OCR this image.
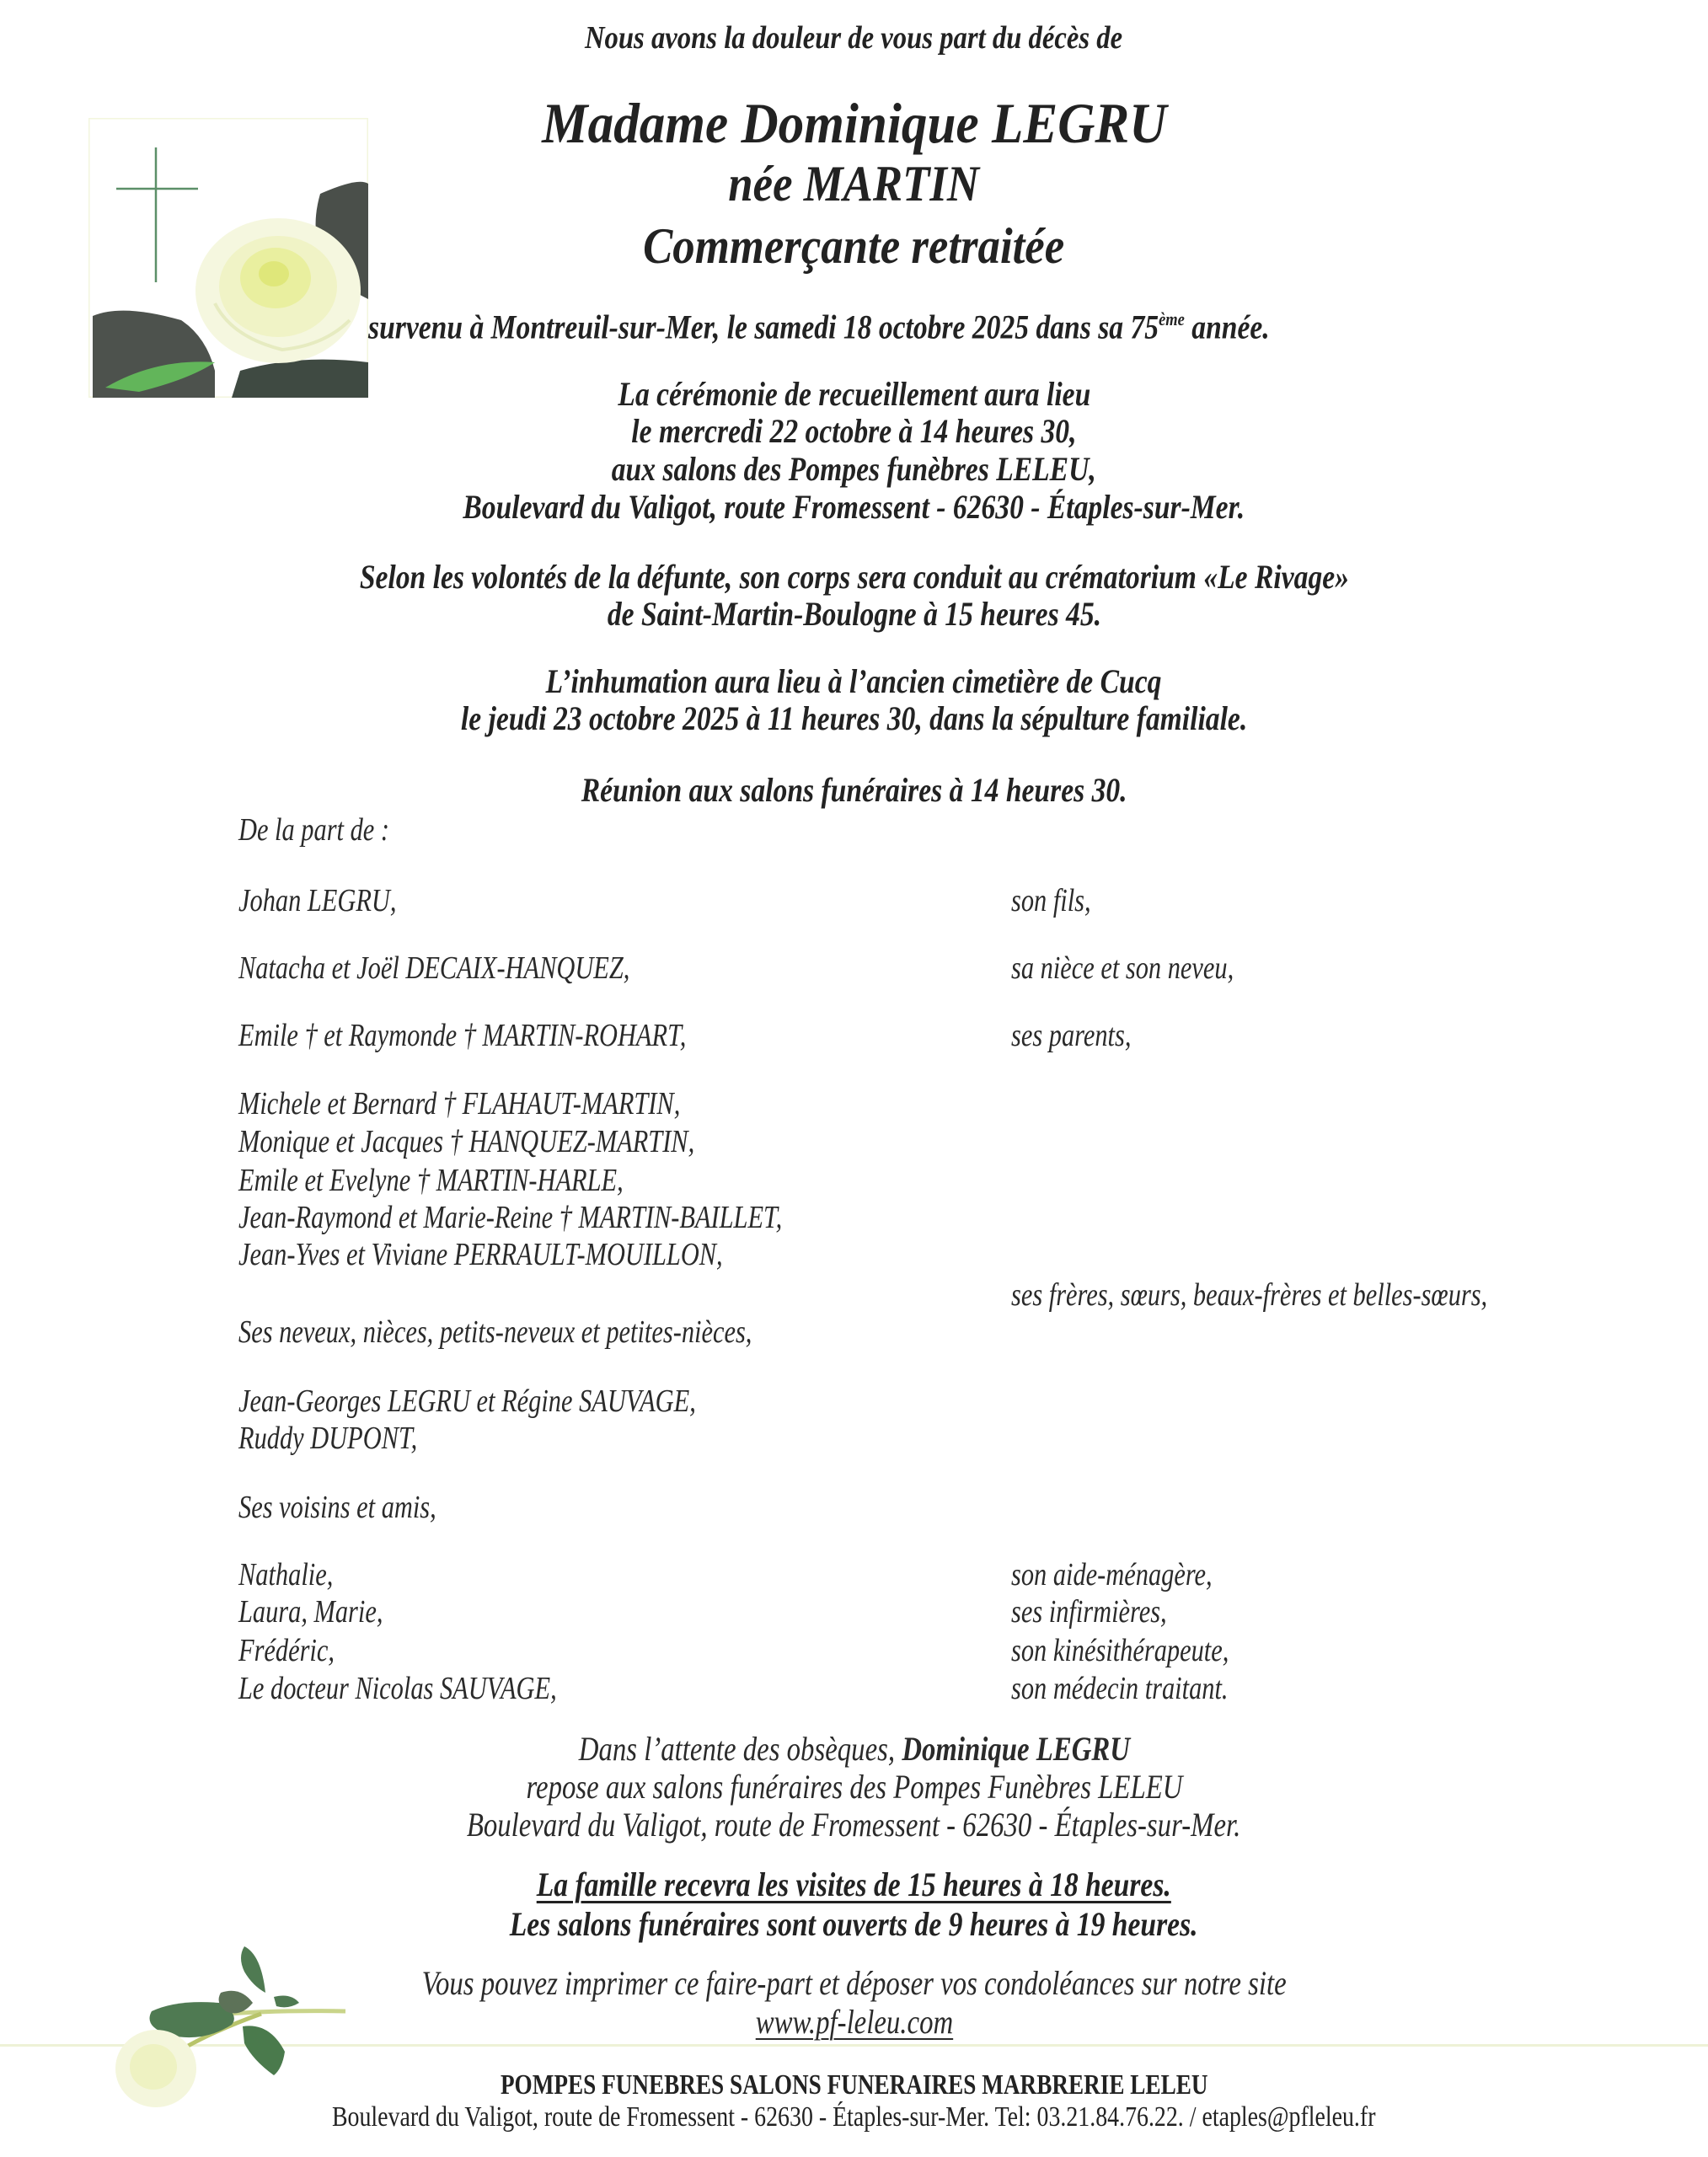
Nous avons la douleur de vous part du décès de
Madame Dominique LEGRU
née MARTIN
Commerçante retraitée
survenu à Montreuil-sur-Mer, le samedi 18 octobre 2025 dans sa 75ème année.
La cérémonie de recueillement aura lieu
le mercredi 22 octobre à 14 heures 30,
aux salons des Pompes funèbres LELEU,
Boulevard du Valigot, route Fromessent - 62630 - Étaples-sur-Mer.
Selon les volontés de la défunte, son corps sera conduit au crématorium «Le Rivage»
de Saint-Martin-Boulogne à 15 heures 45.
L’inhumation aura lieu à l’ancien cimetière de Cucq
le jeudi 23 octobre 2025 à 11 heures 30, dans la sépulture familiale.
Réunion aux salons funéraires à 14 heures 30.
De la part de :
Johan LEGRU,	son fils,
Natacha et Joël DECAIX-HANQUEZ,	sa nièce et son neveu,
Emile † et Raymonde † MARTIN-ROHART,	ses parents,
Michele et Bernard † FLAHAUT-MARTIN,
Monique et Jacques † HANQUEZ-MARTIN,
Emile et Evelyne † MARTIN-HARLE,
Jean-Raymond et Marie-Reine † MARTIN-BAILLET,
Jean-Yves et Viviane PERRAULT-MOUILLON,
ses frères, sœurs, beaux-frères et belles-sœurs,
Ses neveux, nièces, petits-neveux et petites-nièces,
Jean-Georges LEGRU et Régine SAUVAGE,
Ruddy DUPONT,
Ses voisins et amis,
Nathalie,	son aide-ménagère,
Laura, Marie,	ses infirmières,
Frédéric,	son kinésithérapeute,
Le docteur Nicolas SAUVAGE,	son médecin traitant.
Dans l’attente des obsèques, Dominique LEGRU
repose aux salons funéraires des Pompes Funèbres LELEU
Boulevard du Valigot, route de Fromessent - 62630 - Étaples-sur-Mer.
La famille recevra les visites de 15 heures à 18 heures.
Les salons funéraires sont ouverts de 9 heures à 19 heures.
Vous pouvez imprimer ce faire-part et déposer vos condoléances sur notre site
www.pf-leleu.com
POMPES FUNEBRES SALONS FUNERAIRES MARBRERIE LELEU
Boulevard du Valigot, route de Fromessent - 62630 - Étaples-sur-Mer. Tel: 03.21.84.76.22. / etaples@pfleleu.fr
